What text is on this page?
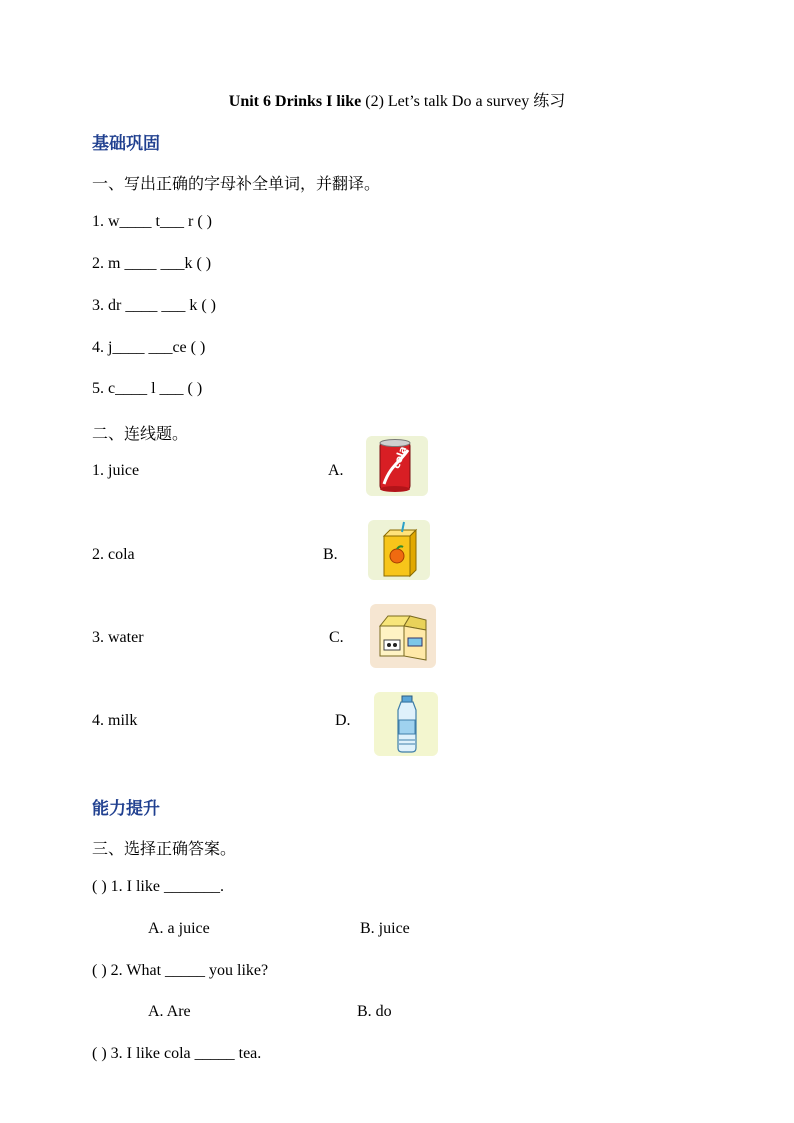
Unit 6 Drinks I like (2) Let’s talk Do a survey 练习
基础巩固
一、写出正确的字母补全单词，并翻译。
1. w____ t___ r ( )
2. m ____ ___k ( )
3. dr ____ ___ k ( )
4. j____ ___ce ( )
5. c____ l ___ ( )
二、连线题。
1. juice	A.
2. cola	B.
3. water	C.
4. milk	D.
cola
能力提升
三、选择正确答案。
( ) 1. I like _______.
A. a juice	B. juice
( ) 2. What _____ you like?
A. Are	B. do
( ) 3. I like cola _____ tea.
